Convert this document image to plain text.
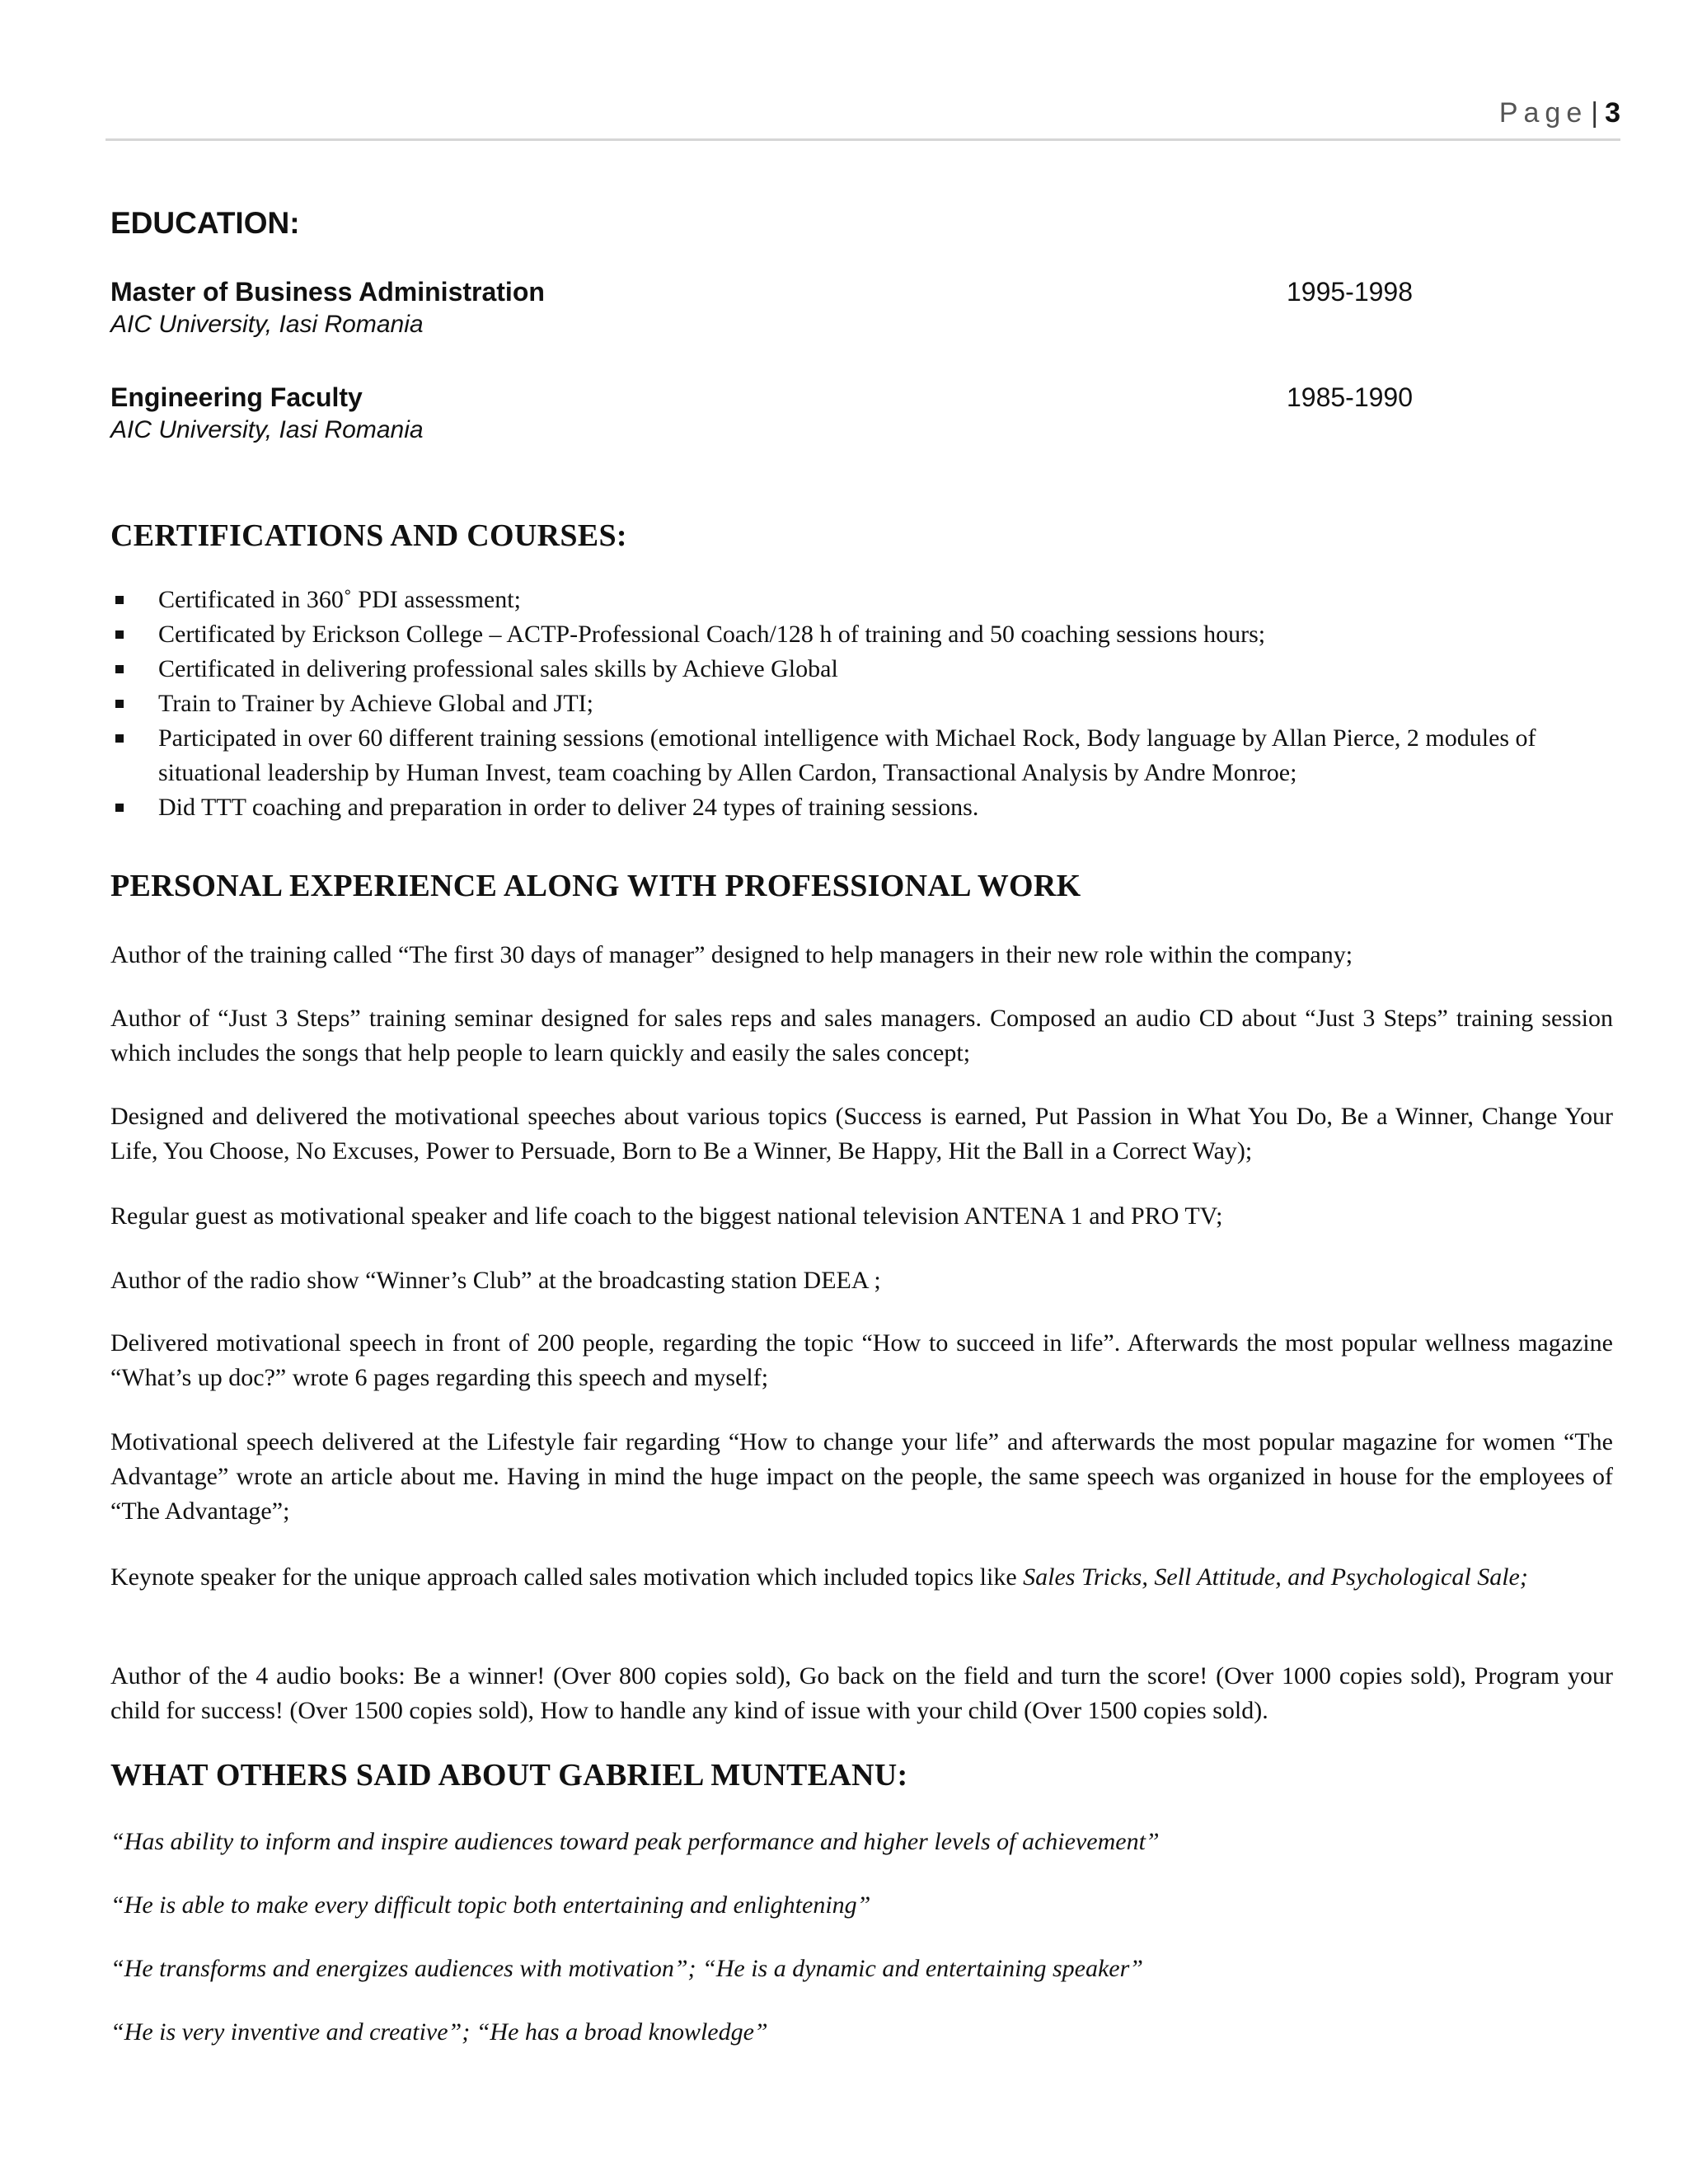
Page | 3
EDUCATION:
Master of Business Administration	1995-1998
AIC University, Iasi Romania
Engineering Faculty	1985-1990
AIC University, Iasi Romania
CERTIFICATIONS AND COURSES:
Certificated in 360˚ PDI assessment;
Certificated by Erickson College – ACTP-Professional Coach/128 h of training and 50 coaching sessions hours;
Certificated in delivering professional sales skills by Achieve Global
Train to Trainer by Achieve Global and JTI;
Participated in over 60 different training sessions (emotional intelligence with Michael Rock, Body language by Allan Pierce, 2 modules of situational leadership by Human Invest, team coaching by Allen Cardon, Transactional Analysis by Andre Monroe;
Did TTT coaching and preparation in order to deliver 24 types of training sessions.
PERSONAL EXPERIENCE ALONG WITH PROFESSIONAL WORK
Author of the training called “The first 30 days of manager” designed to help managers in their new role within the company;
Author of “Just 3 Steps” training seminar designed for sales reps and sales managers. Composed an audio CD about “Just 3 Steps” training session which includes the songs that help people to learn quickly and easily the sales concept;
Designed and delivered the motivational speeches about various topics (Success is earned, Put Passion in What You Do, Be a Winner, Change Your Life, You Choose, No Excuses, Power to Persuade, Born to Be a Winner, Be Happy, Hit the Ball in a Correct Way);
Regular guest as motivational speaker and life coach to the biggest national television ANTENA 1 and PRO TV;
Author of the radio show “Winner’s Club” at the broadcasting station DEEA ;
Delivered motivational speech in front of 200 people, regarding the topic “How to succeed in life”. Afterwards the most popular wellness magazine “What’s up doc?” wrote 6 pages regarding this speech and myself;
Motivational speech delivered at the Lifestyle fair regarding “How to change your life” and afterwards the most popular magazine for women “The Advantage” wrote an article about me. Having in mind the huge impact on the people, the same speech was organized in house for the employees of “The Advantage”;
Keynote speaker for the unique approach called sales motivation which included topics like Sales Tricks, Sell Attitude, and Psychological Sale;
Author of the 4 audio books: Be a winner! (Over 800 copies sold), Go back on the field and turn the score! (Over 1000 copies sold), Program your child for success! (Over 1500 copies sold), How to handle any kind of issue with your child (Over 1500 copies sold).
WHAT OTHERS SAID ABOUT GABRIEL MUNTEANU:
“Has ability to inform and inspire audiences toward peak performance and higher levels of achievement”
“He is able to make every difficult topic both entertaining and enlightening”
“He transforms and energizes audiences with motivation”; “He is a dynamic and entertaining speaker”
“He is very inventive and creative”; “He has a broad knowledge”
